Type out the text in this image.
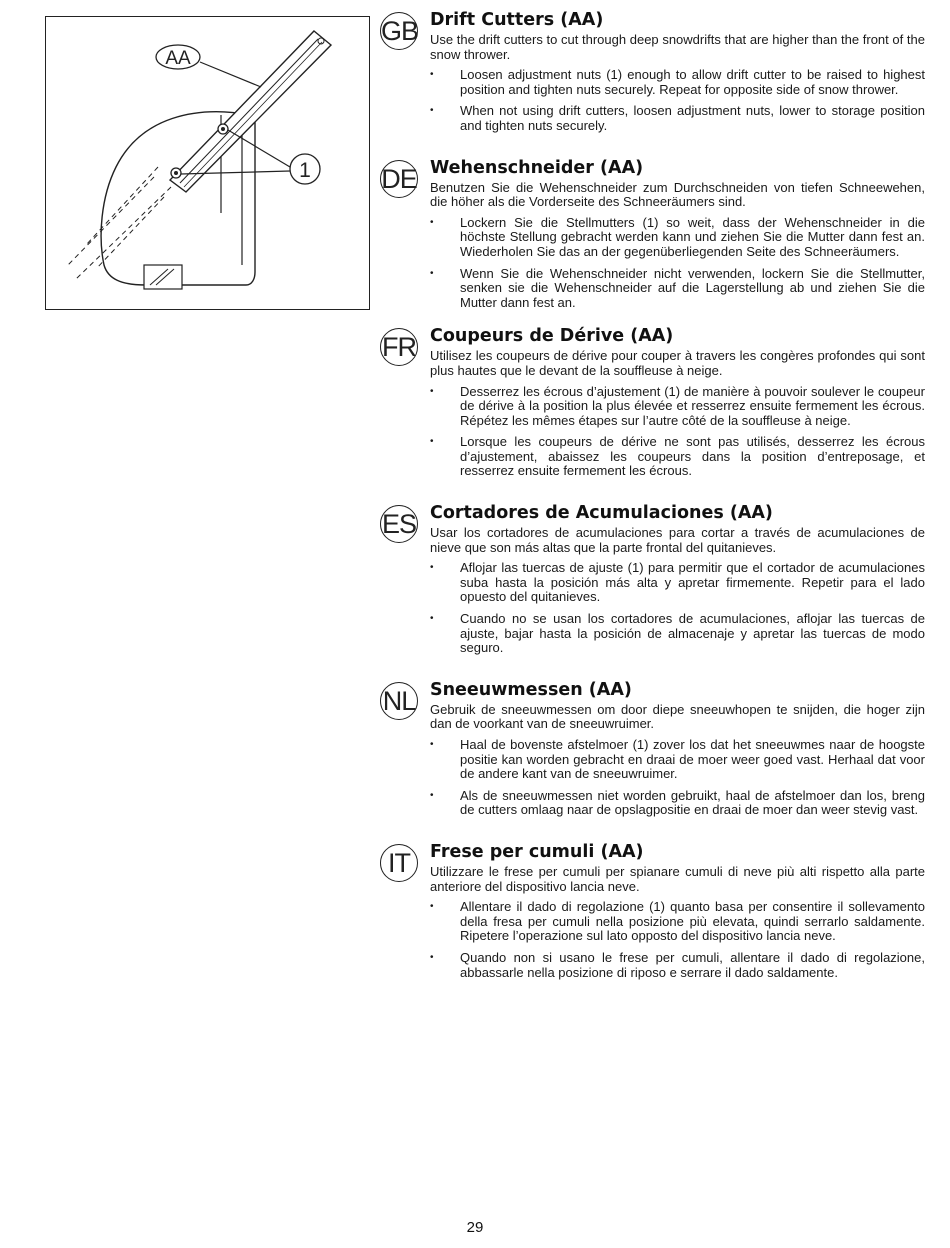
AA
1
GB Drift Cutters (AA)
Use the drift cutters to cut through deep snowdrifts that are higher than the front of the snow thrower.
• Loosen adjustment nuts (1) enough to allow drift cutter to be raised to highest position and tighten nuts securely. Repeat for opposite side of snow thrower.
• When not using drift cutters, loosen adjustment nuts, lower to storage position and tighten nuts securely.
DE Wehenschneider (AA)
Benutzen Sie die Wehenschneider zum Durchschneiden von tiefen Schneewehen, die höher als die Vorderseite des Schneeräumers sind.
• Lockern Sie die Stellmutters (1) so weit, dass der Wehenschneider in die höchste Stellung gebracht werden kann und ziehen Sie die Mutter dann fest an. Wiederholen Sie das an der gegenüberliegenden Seite des Schneeräumers.
• Wenn Sie die Wehenschneider nicht verwenden, lockern Sie die Stellmutter, senken sie die Wehenschneider auf die Lagerstellung ab und ziehen Sie die Mutter dann fest an.
FR Coupeurs de Dérive (AA)
Utilisez les coupeurs de dérive pour couper à travers les congères profondes qui sont plus hautes que le devant de la souffleuse à neige.
• Desserrez les écrous d’ajustement (1) de manière à pouvoir soulever le coupeur de dérive à la position la plus élevée et resserrez ensuite fermement les écrous. Répétez les mêmes étapes sur l’autre côté de la souffleuse à neige.
• Lorsque les coupeurs de dérive ne sont pas utilisés, desserrez les écrous d’ajustement, abaissez les coupeurs dans la position d’entreposage, et resserrez ensuite fermement les écrous.
ES Cortadores de Acumulaciones (AA)
Usar los cortadores de acumulaciones para cortar a través de acumulaciones de nieve que son más altas que la parte frontal del quitanieves.
• Aflojar las tuercas de ajuste (1) para permitir que el cortador de acumulaciones suba hasta la posición más alta y apretar firmemente. Repetir para el lado opuesto del quitanieves.
• Cuando no se usan los cortadores de acumulaciones, aflojar las tuercas de ajuste, bajar hasta la posición de almacenaje y apretar las tuercas de modo seguro.
NL Sneeuwmessen (AA)
Gebruik de sneeuwmessen om door diepe sneeuwhopen te snijden, die hoger zijn dan de voorkant van de sneeuwruimer.
• Haal de bovenste afstelmoer (1) zover los dat het sneeuwmes naar de hoogste positie kan worden gebracht en draai de moer weer goed vast. Herhaal dat voor de andere kant van de sneeuwruimer.
• Als de sneeuwmessen niet worden gebruikt, haal de afstelmoer dan los, breng de cutters omlaag naar de opslagpositie en draai de moer dan weer stevig vast.
IT	Frese per cumuli (AA)
Utilizzare le frese per cumuli per spianare cumuli di neve più alti rispetto alla parte anteriore del dispositivo lancia neve.
• Allentare il dado di regolazione (1) quanto basa per consentire il sollevamento della fresa per cumuli nella posizione più elevata, quindi serrarlo saldamente. Ripetere l’operazione sul lato opposto del dispositivo lancia neve.
• Quando non si usano le frese per cumuli, allentare il dado di regolazione, abbassarle nella posizione di riposo e serrare il dado saldamente.
29
